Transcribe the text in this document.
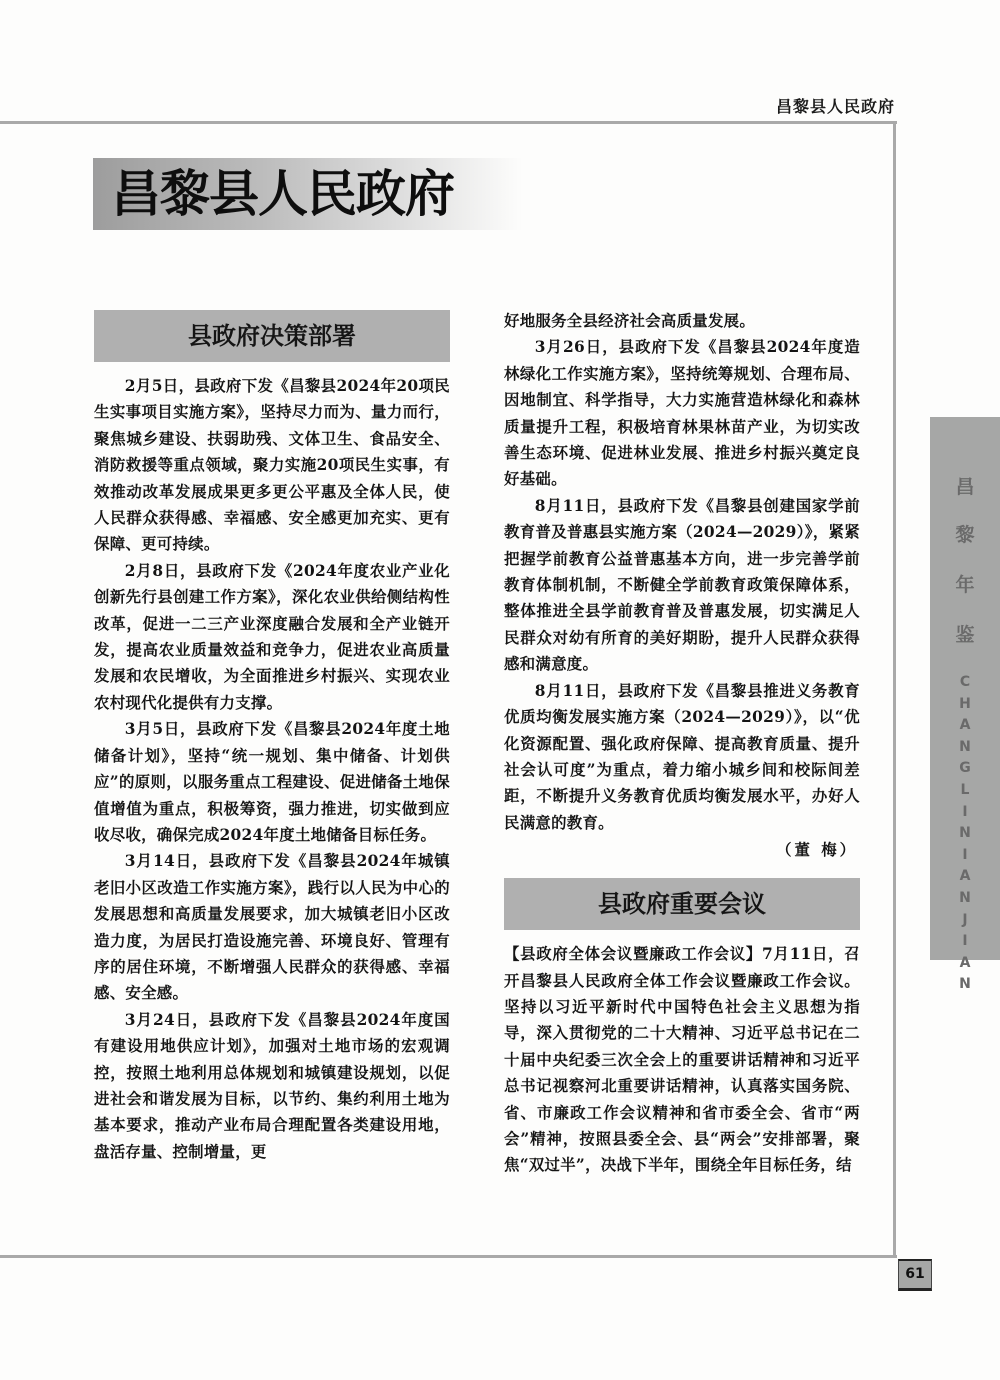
昌黎县人民政府
昌黎县人民政府
昌
黎
年
鉴
C
H
A
N
G
L
I
N
I
A
N
J
I
A
N
县政府决策部署

2月5日，县政府下发《昌黎县2024年20项民生实事项目实施方案》，坚持尽力而为、量力而行，聚焦城乡建设、扶弱助残、文体卫生、食品安全、消防救援等重点领域，聚力实施20项民生实事，有效推动改革发展成果更多更公平惠及全体人民，使人民群众获得感、幸福感、安全感更加充实、更有保障、更可持续。

2月8日，县政府下发《2024年度农业产业化创新先行县创建工作方案》，深化农业供给侧结构性改革，促进一二三产业深度融合发展和全产业链开发，提高农业质量效益和竞争力，促进农业高质量发展和农民增收，为全面推进乡村振兴、实现农业农村现代化提供有力支撑。

3月5日，县政府下发《昌黎县2024年度土地储备计划》，坚持“统一规划、集中储备、计划供应”的原则，以服务重点工程建设、促进储备土地保值增值为重点，积极筹资，强力推进，切实做到应收尽收，确保完成2024年度土地储备目标任务。

3月14日，县政府下发《昌黎县2024年城镇老旧小区改造工作实施方案》，践行以人民为中心的发展思想和高质量发展要求，加大城镇老旧小区改造力度，为居民打造设施完善、环境良好、管理有序的居住环境，不断增强人民群众的获得感、幸福感、安全感。

3月24日，县政府下发《昌黎县2024年度国有建设用地供应计划》，加强对土地市场的宏观调控，按照土地利用总体规划和城镇建设规划，以促进社会和谐发展为目标，以节约、集约利用土地为基本要求，推动产业布局合理配置各类建设用地，盘活存量、控制增量，更

好地服务全县经济社会高质量发展。

3月26日，县政府下发《昌黎县2024年度造林绿化工作实施方案》，坚持统筹规划、合理布局、因地制宜、科学指导，大力实施营造林绿化和森林质量提升工程，积极培育林果林苗产业，为切实改善生态环境、促进林业发展、推进乡村振兴奠定良好基础。

8月11日，县政府下发《昌黎县创建国家学前教育普及普惠县实施方案（2024—2029）》，紧紧把握学前教育公益普惠基本方向，进一步完善学前教育体制机制，不断健全学前教育政策保障体系，整体推进全县学前教育普及普惠发展，切实满足人民群众对幼有所育的美好期盼，提升人民群众获得感和满意度。

8月11日，县政府下发《昌黎县推进义务教育优质均衡发展实施方案（2024—2029）》，以“优化资源配置、强化政府保障、提高教育质量、提升社会认可度”为重点，着力缩小城乡间和校际间差距，不断提升义务教育优质均衡发展水平，办好人民满意的教育。

（董 梅）

县政府重要会议

【县政府全体会议暨廉政工作会议】7月11日，召开昌黎县人民政府全体工作会议暨廉政工作会议。坚持以习近平新时代中国特色社会主义思想为指导，深入贯彻党的二十大精神、习近平总书记在二十届中央纪委三次全会上的重要讲话精神和习近平总书记视察河北重要讲话精神，认真落实国务院、省、市廉政工作会议精神和省市委全会、省市“两会”精神，按照县委全会、县“两会”安排部署，聚焦“双过半”，决战下半年，围绕全年目标任务，结

61
